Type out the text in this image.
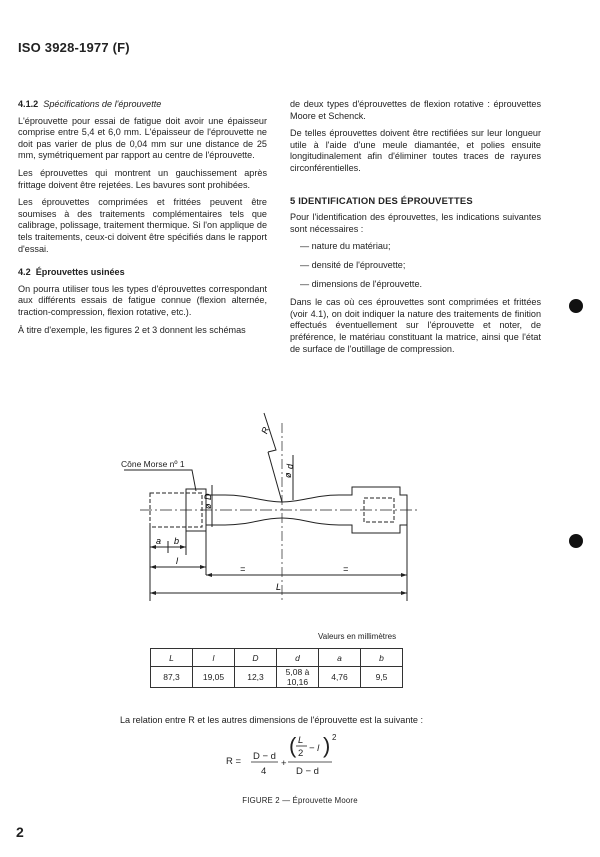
ISO 3928-1977 (F)
4.1.2 Spécifications de l'éprouvette

L'éprouvette pour essai de fatigue doit avoir une épaisseur comprise entre 5,4 et 6,0 mm. L'épaisseur de l'éprouvette ne doit pas varier de plus de 0,04 mm sur une distance de 25 mm, symétriquement par rapport au centre de l'éprouvette.

Les éprouvettes qui montrent un gauchissement après frittage doivent être rejetées. Les bavures sont prohibées.

Les éprouvettes comprimées et frittées peuvent être soumises à des traitements complémentaires tels que calibrage, polissage, traitement thermique. Si l'on applique de tels traitements, ceux-ci doivent être spécifiés dans le rapport d'essai.

4.2 Éprouvettes usinées

On pourra utiliser tous les types d'éprouvettes correspondant aux différents essais de fatigue connue (flexion alternée, traction-compression, flexion rotative, etc.).

À titre d'exemple, les figures 2 et 3 donnent les schémas

de deux types d'éprouvettes de flexion rotative : éprouvettes Moore et Schenck.

De telles éprouvettes doivent être rectifiées sur leur longueur utile à l'aide d'une meule diamantée, et polies ensuite longitudinalement afin d'éliminer toutes traces de rayures circonférentielles.

5 IDENTIFICATION DES ÉPROUVETTES

Pour l'identification des éprouvettes, les indications suivantes sont nécessaires :

— nature du matériau;
— densité de l'éprouvette;
— dimensions de l'éprouvette.

Dans le cas où ces éprouvettes sont comprimées et frittées (voir 4.1), on doit indiquer la nature des traitements de finition effectués éventuellement sur l'éprouvette et noter, de préférence, le matériau constituant la matrice, ainsi que l'état de surface de l'outillage de compression.

Cône Morse nº 1
R
ø
d
ø
D
a b
l
=	=
L
Valeurs en millimètres
L	l	D	d	a	b
87,3	19,05	12,3	5,08 à 10,16	4,76	9,5
La relation entre R et les autres dimensions de l'éprouvette est la suivante :
R = D − d
4
+
( L
2 − l ) 2
D − d
FIGURE 2 — Éprouvette Moore
2
